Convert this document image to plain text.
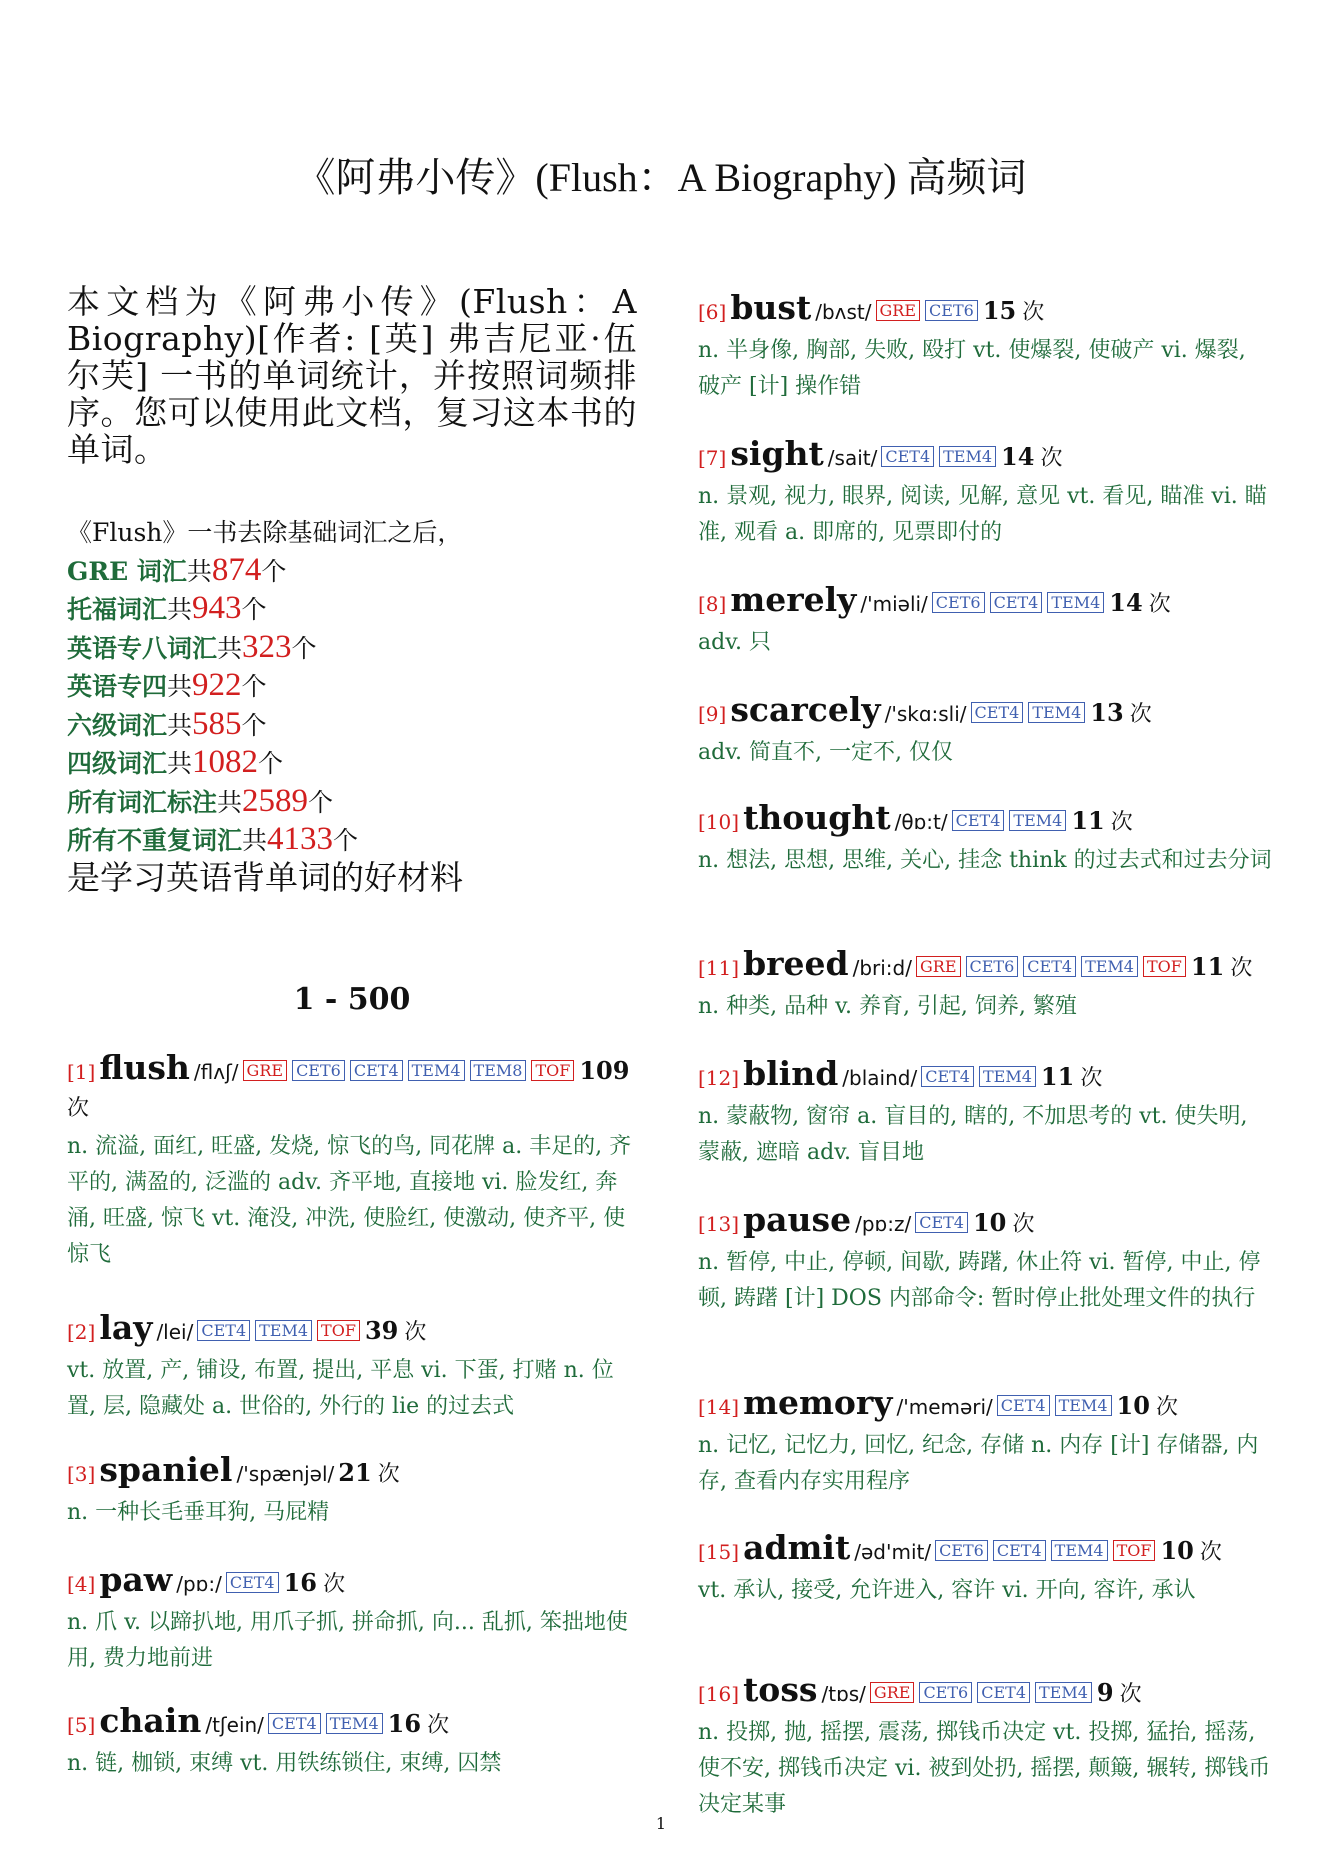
《阿弗小传》(Flush：A Biography) 高频词
本文档为《阿弗小传》(Flush：A Biography)[作者: [英] 弗吉尼亚·伍尔芙] 一书的单词统计，并按照词频排序。您可以使用此文档，复习这本书的单词。
《Flush》一书去除基础词汇之后，
GRE 词汇共874个
托福词汇共943个
英语专八词汇共323个
英语专四共922个
六级词汇共585个
四级词汇共1082个
所有词汇标注共2589个
所有不重复词汇共4133个
是学习英语背单词的好材料
1 - 500
[1] flush /flʌʃ/ GRE CET6 CET4 TEM4 TEM8 TOF 109 次
n. 流溢, 面红, 旺盛, 发烧, 惊飞的鸟, 同花牌 a. 丰足的, 齐平的, 满盈的, 泛滥的 adv. 齐平地, 直接地 vi. 脸发红, 奔涌, 旺盛, 惊飞 vt. 淹没, 冲洗, 使脸红, 使激动, 使齐平, 使惊飞
[2] lay /lei/ CET4 TEM4 TOF 39 次
vt. 放置, 产, 铺设, 布置, 提出, 平息 vi. 下蛋, 打赌 n. 位置, 层, 隐藏处 a. 世俗的, 外行的 lie 的过去式
[3] spaniel /'spænjəl/ 21 次
n. 一种长毛垂耳狗, 马屁精
[4] paw /pɒ:/ CET4 16 次
n. 爪 v. 以蹄扒地, 用爪子抓, 拼命抓, 向... 乱抓, 笨拙地使用, 费力地前进
[5] chain /tʃein/ CET4 TEM4 16 次
n. 链, 枷锁, 束缚 vt. 用铁练锁住, 束缚, 囚禁
[6] bust /bʌst/ GRE CET6 15 次
n. 半身像, 胸部, 失败, 殴打 vt. 使爆裂, 使破产 vi. 爆裂, 破产 [计] 操作错
[7] sight /sait/ CET4 TEM4 14 次
n. 景观, 视力, 眼界, 阅读, 见解, 意见 vt. 看见, 瞄准 vi. 瞄准, 观看 a. 即席的, 见票即付的
[8] merely /'miəli/ CET6 CET4 TEM4 14 次
adv. 只
[9] scarcely /'skɑ:sli/ CET4 TEM4 13 次
adv. 简直不, 一定不, 仅仅
[10] thought /θɒ:t/ CET4 TEM4 11 次
n. 想法, 思想, 思维, 关心, 挂念 think 的过去式和过去分词
[11] breed /bri:d/ GRE CET6 CET4 TEM4 TOF 11 次
n. 种类, 品种 v. 养育, 引起, 饲养, 繁殖
[12] blind /blaind/ CET4 TEM4 11 次
n. 蒙蔽物, 窗帘 a. 盲目的, 瞎的, 不加思考的 vt. 使失明, 蒙蔽, 遮暗 adv. 盲目地
[13] pause /pɒ:z/ CET4 10 次
n. 暂停, 中止, 停顿, 间歇, 踌躇, 休止符 vi. 暂停, 中止, 停顿, 踌躇 [计] DOS 内部命令: 暂时停止批处理文件的执行
[14] memory /'meməri/ CET4 TEM4 10 次
n. 记忆, 记忆力, 回忆, 纪念, 存储 n. 内存 [计] 存储器, 内存, 查看内存实用程序
[15] admit /əd'mit/ CET6 CET4 TEM4 TOF 10 次
vt. 承认, 接受, 允许进入, 容许 vi. 开向, 容许, 承认
[16] toss /tɒs/ GRE CET6 CET4 TEM4 9 次
n. 投掷, 抛, 摇摆, 震荡, 掷钱币决定 vt. 投掷, 猛抬, 摇荡, 使不安, 掷钱币决定 vi. 被到处扔, 摇摆, 颠簸, 辗转, 掷钱币决定某事
1
